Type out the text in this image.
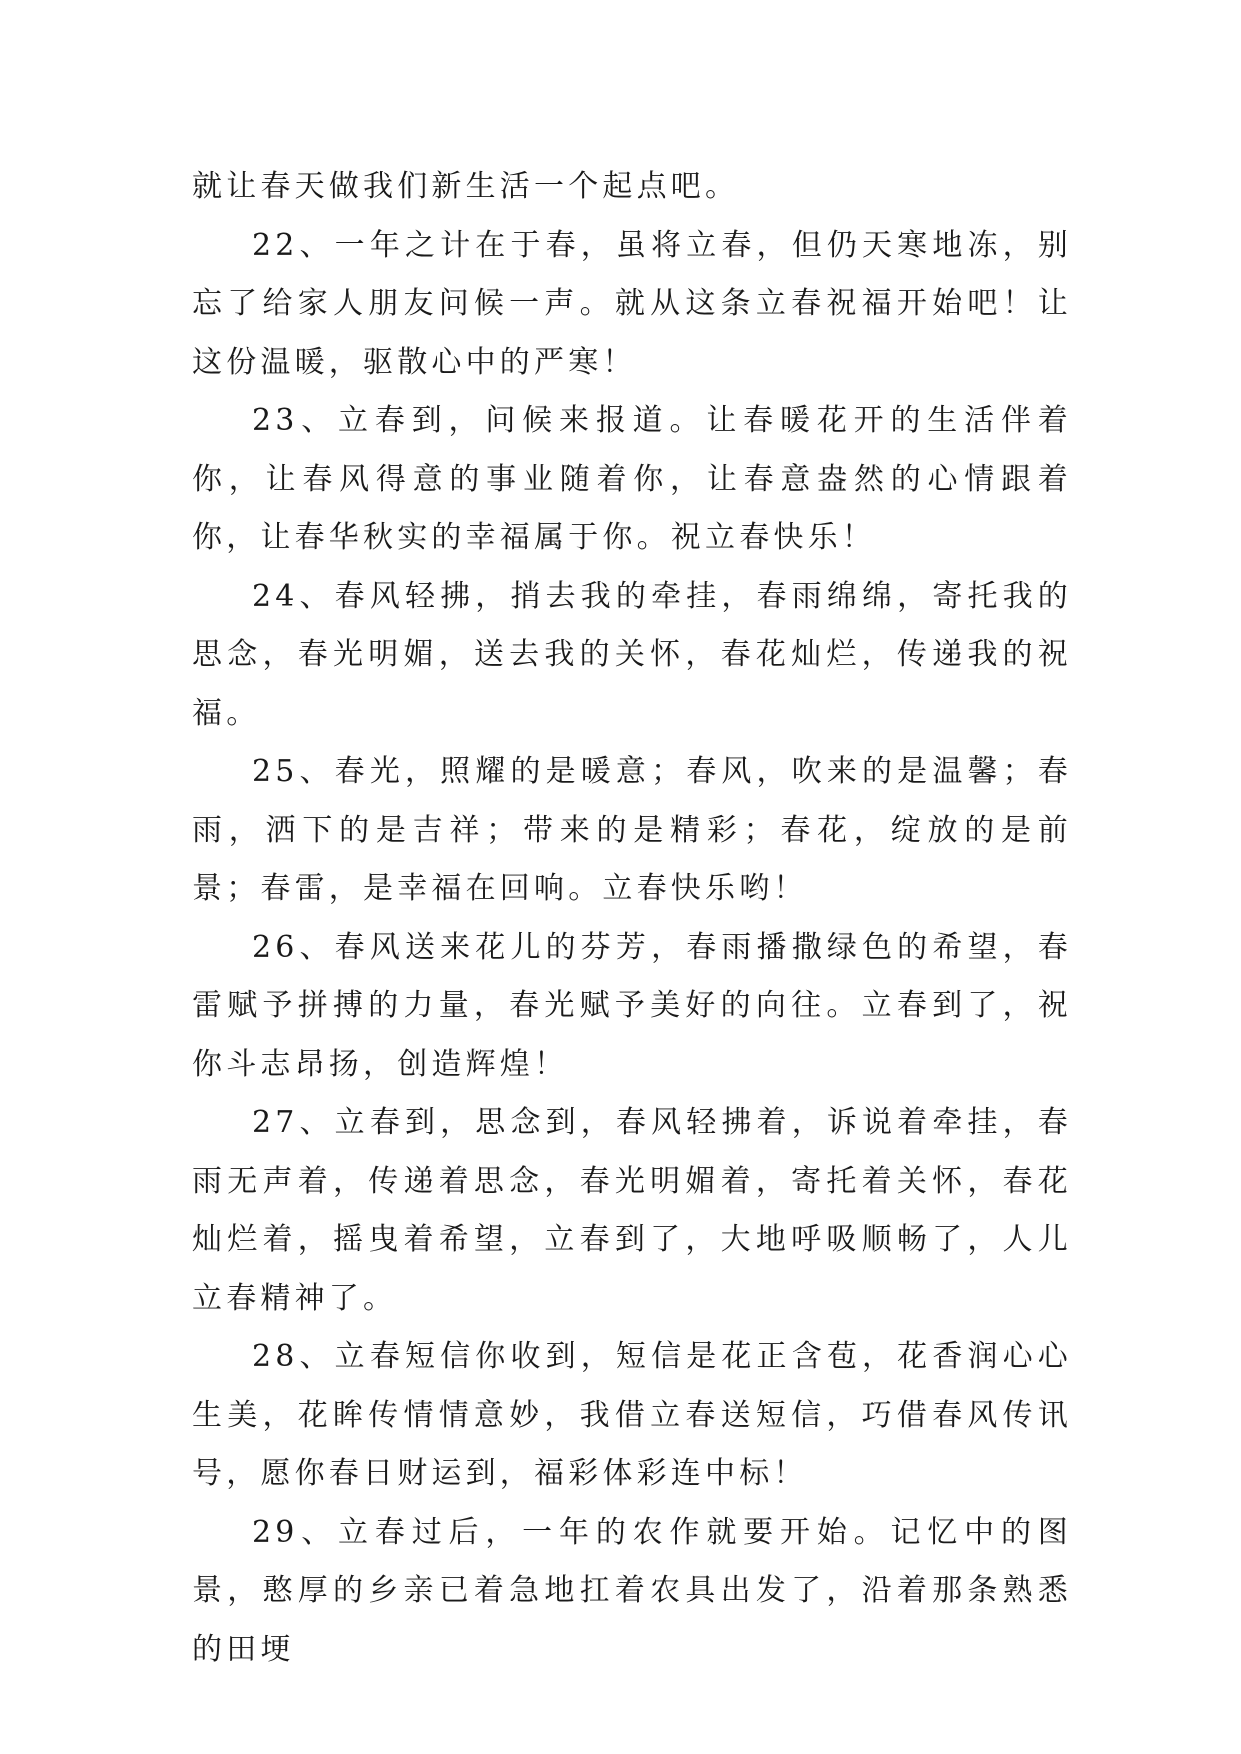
就让春天做我们新生活一个起点吧。

22、一年之计在于春，虽将立春，但仍天寒地冻，别忘了给家人朋友问候一声。就从这条立春祝福开始吧！让这份温暖，驱散心中的严寒！

23、立春到，问候来报道。让春暖花开的生活伴着你，让春风得意的事业随着你，让春意盎然的心情跟着你，让春华秋实的幸福属于你。祝立春快乐！

24、春风轻拂，捎去我的牵挂，春雨绵绵，寄托我的思念，春光明媚，送去我的关怀，春花灿烂，传递我的祝福。

25、春光，照耀的是暖意；春风，吹来的是温馨；春雨，洒下的是吉祥；带来的是精彩；春花，绽放的是前景；春雷，是幸福在回响。立春快乐哟！

26、春风送来花儿的芬芳，春雨播撒绿色的希望，春雷赋予拼搏的力量，春光赋予美好的向往。立春到了，祝你斗志昂扬，创造辉煌！

27、立春到，思念到，春风轻拂着，诉说着牵挂，春雨无声着，传递着思念，春光明媚着，寄托着关怀，春花灿烂着，摇曳着希望，立春到了，大地呼吸顺畅了，人儿立春精神了。

28、立春短信你收到，短信是花正含苞，花香润心心生美，花眸传情情意妙，我借立春送短信，巧借春风传讯号，愿你春日财运到，福彩体彩连中标！

29、立春过后，一年的农作就要开始。记忆中的图景，憨厚的乡亲已着急地扛着农具出发了，沿着那条熟悉的田埂
